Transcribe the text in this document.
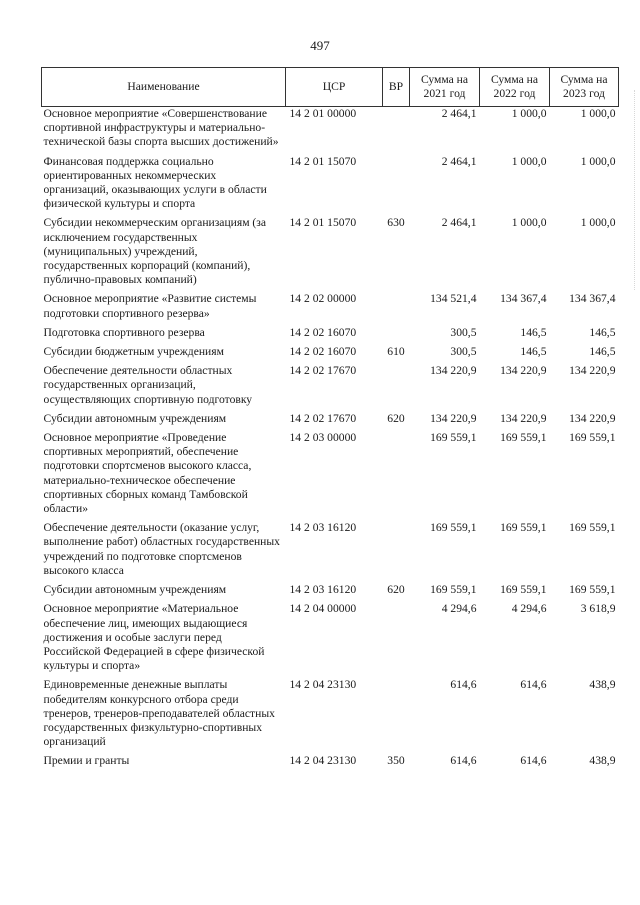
497
Наименование	ЦСР	ВР	Сумма на 2021 год	Сумма на 2022 год	Сумма на 2023 год
Основное мероприятие «Совершенствование спортивной инфраструктуры и материально-технической базы спорта высших достижений»	14 2 01 00000		2 464,1	1 000,0	1 000,0
Финансовая поддержка социально ориентированных некоммерческих организаций, оказывающих услуги в области физической культуры и спорта	14 2 01 15070		2 464,1	1 000,0	1 000,0
Субсидии некоммерческим организациям (за исключением государственных (муниципальных) учреждений, государственных корпораций (компаний), публично-правовых компаний)	14 2 01 15070	630	2 464,1	1 000,0	1 000,0
Основное мероприятие «Развитие системы подготовки спортивного резерва»	14 2 02 00000		134 521,4	134 367,4	134 367,4
Подготовка спортивного резерва	14 2 02 16070		300,5	146,5	146,5
Субсидии бюджетным учреждениям	14 2 02 16070	610	300,5	146,5	146,5
Обеспечение деятельности областных государственных организаций, осуществляющих спортивную подготовку	14 2 02 17670		134 220,9	134 220,9	134 220,9
Субсидии автономным учреждениям	14 2 02 17670	620	134 220,9	134 220,9	134 220,9
Основное мероприятие «Проведение спортивных мероприятий, обеспечение подготовки спортсменов высокого класса, материально-техническое обеспечение спортивных сборных команд Тамбовской области»	14 2 03 00000		169 559,1	169 559,1	169 559,1
Обеспечение деятельности (оказание услуг, выполнение работ) областных государственных учреждений по подготовке спортсменов высокого класса	14 2 03 16120		169 559,1	169 559,1	169 559,1
Субсидии автономным учреждениям	14 2 03 16120	620	169 559,1	169 559,1	169 559,1
Основное мероприятие «Материальное обеспечение лиц, имеющих выдающиеся достижения и особые заслуги перед Российской Федерацией в сфере физической культуры и спорта»	14 2 04 00000		4 294,6	4 294,6	3 618,9
Единовременные денежные выплаты победителям конкурсного отбора среди тренеров, тренеров-преподавателей областных государственных физкультурно-спортивных организаций	14 2 04 23130		614,6	614,6	438,9
Премии и гранты	14 2 04 23130	350	614,6	614,6	438,9
